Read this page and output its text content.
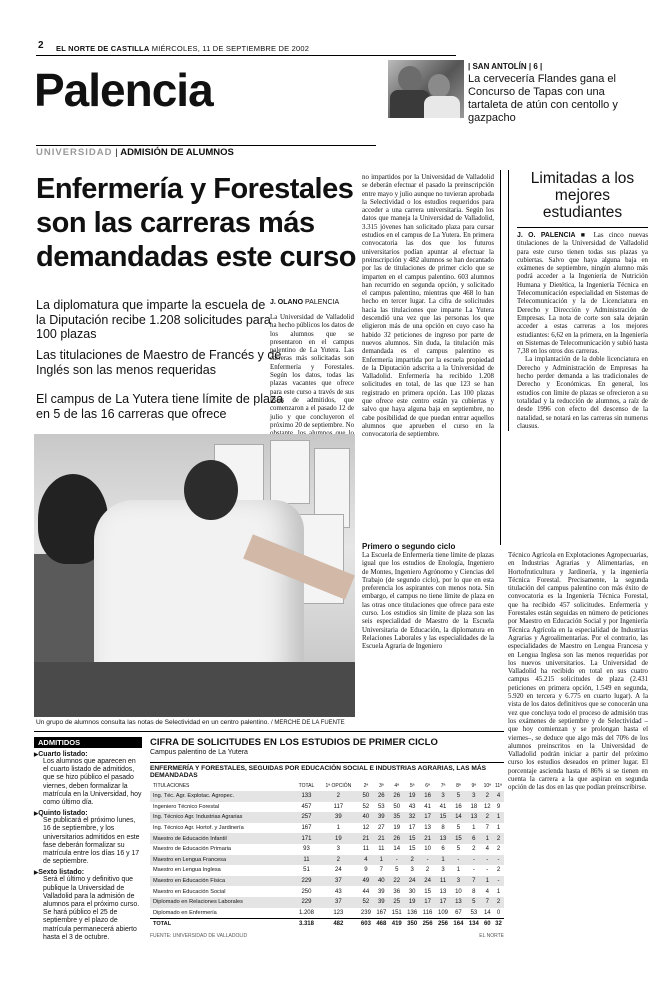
2 EL NORTE DE CASTILLA MIÉRCOLES, 11 DE SEPTIEMBRE DE 2002
Palencia	| SAN ANTOLÍN | 6 |
La cervecería Flandes gana el Concurso de Tapas con una tartaleta de atún con centollo y gazpacho
UNIVERSIDAD | ADMISIÓN DE ALUMNOS
Enfermería y Forestales son las carreras más demandadas este curso
La diplomatura que imparte la escuela de la Diputación recibe 1.208 solicitudes para 100 plazas
Las titulaciones de Maestro de Francés y de Inglés son las menos requeridas
El campus de La Yutera tiene límite de plaza en 5 de las 16 carreras que ofrece
J. OLANO PALENCIA
La Universidad de Valladolid ha hecho públicos los datos de los alumnos que se presentaron en el campus palentino de La Yutera. Las carreras más solicitadas son Enfermería y Forestales. Según los datos, todas las plazas vacantes que ofrece para este curso a través de sus listas de admitidos, que comenzaron a el pasado 12 de julio y que concluyeron el próximo 20 de septiembre. No
no impartidos por la Universidad de Valladolid se deberán efectuar el pasado la preinscripción entre mayo y julio aunque no tuvieran aprobada la Selectividad o los estudios requeridos para acceder a una carrera universitaria. Según los datos que maneja la Universidad de Valladolid, 3.315 jóvenes han solicitado plaza para cursar estudios en el campus de La Yutera. En primera convocatoria las dos que los futuros universitarios podían apuntar al efectuar la preinscripción y 482 alumnos se han decantado por las de titulaciones de primer ciclo que se imparten en el campus palentino. 603 alumnos han recurrido en segunda opción, y solicitado el campus palentino, mientras que 468 lo han hecho en tercer lugar. La cifra de solicitudes hacia las titulaciones que imparte La Yutera descendió una vez que las personas los que eligieron más de una opción en cuyo caso ha habido 32 peticiones de ingreso por parte de nuevos alumnos. Sin duda, la titulación más demandada es el campus palentino es Enfermería impartida por la escuela propiedad de la Diputación adscrita a la Universidad de Valladolid. Enfermería ha recibido 1.208 solicitudes en total, de las que 123 se han registrado en primera opción. Las 100 plazas que ofrece este centro están ya cubiertas y salvo que haya alguna baja en septiembre, no cabe posibilidad de que puedan entrar aquellos alumnos que aprueben el curso en la convocatoria de septiembre.
Limitadas a los mejores estudiantes

J. O. PALENCIA ■ Las cinco nuevas titulaciones de la Universidad de Valladolid para este curso tienen todas sus plazas ya cubiertas. Salvo que haya alguna baja en exámenes de septiembre, ningún alumno más podrá acceder a la Ingeniería de Nutrición Humana y Dietética, la Ingeniería Técnica en Telecomunicación especialidad en Sistemas de Telecomunicación y la de Licenciatura en Derecho y Dirección y Administración de Empresas. La nota de corte son sala dejarán acceder a estas carreras a los mejores estudiantes: 6,62 en la primera, en la Ingeniería en Sistemas de Telecomunicación y subió hasta 7,38 en los otros dos carreras.

La implantación de la doble licenciatura en Derecho y Administración de Empresas ha hecho perder demanda a las tradicionales de Derecho y Económicas. En general, los estudios con límite de plazas se ofrecieron a su totalidad y la reducción de alumnos, a raíz de desde 1996 con efecto del descenso de la natalidad, se notará en las carreras sin numerus clausus.

Un grupo de alumnos consulta las notas de Selectividad en un centro palentino. / MERCHE DE LA FUENTE
Primero o segundo ciclo
La Escuela de Enfermería tiene límite de plazas igual que los estudios de Enología, Ingeniero de Montes, Ingeniero Agrónomo y Ciencias del Trabajo (de segundo ciclo), por lo que en esta preferencia los aspirantes con menos nota. Sin embargo, el campus no tiene límite de plaza en las otras once titulaciones que ofrece para este curso. Los estudios sin límite de plaza son las seis especialidad de Maestro de la Escuela Universitaria de Educación, la diplomatura en Relaciones Laborales y las especialidades de la Escuela Agraria de Ingeniero
Técnico Agrícola en Explotaciones Agropecuarias, en Industrias Agrarias y Alimentarias, en Hortofruticultura y Jardinería, y la ingeniería Técnica Forestal. Precisamente, la segunda titulación del campus palentino con más éxito de convocatoria es la Ingeniería Técnica Forestal, que ha recibido 457 solicitudes. Enfermería y Forestales están seguidas en número de peticiones por Maestro en Educación Social y por Ingeniería Técnica Agrícola en la especialidad de Industrias Agrarias y Agroalimentarias. Por el contrario, las especialidades de Maestro en Lengua Francesa y en Lengua Inglesa son las menos requeridas por los nuevos universitarios. La Universidad de Valladolid ha recibido en total en sus cuatro campus 45.215 solicitudes de plaza (2.431 peticiones en primera opción, 1.549 en segunda, 5.920 en tercera y 6.775 en cuarto lugar). A la vista de los datos definitivos que se conocerán una vez que concluya todo el proceso de admisión tras los exámenes de septiembre y de Selectividad –que hoy comienzan y se prolongan hasta el viernes–, se deduce que algo más del 70% de los alumnos preinscritos en la Universidad de Valladolid podrán iniciar a partir del próximo curso los estudios deseados en primer lugar. El porcentaje ascienda hasta el 86% si se tienen en cuenta la carrera a la que aspiran en segunda opción de las dos en las que podían preinscribirse.
ADMITIDOS
▶ Cuarto listado:
Los alumnos que aparecen en el cuarto listado de admitidos, que se hizo público el pasado viernes, deben formalizar la matrícula en la Universidad, hoy como último día.
▶ Quinto listado:
Se publicará el próximo lunes, 16 de septiembre, y los universitarios admitidos en este fase deberán formalizar su matrícula entre los días 16 y 17 de septiembre.
▶ Sexto listado:
Será el último y definitivo que publique la Universidad de Valladolid para la admisión de alumnos para el próximo curso. Se hará público el 25 de septiembre y el plazo de matrícula permanecerá abierto hasta el 3 de octubre.
CIFRA DE SOLICITUDES EN LOS ESTUDIOS DE PRIMER CICLO
Campus palentino de La Yutera
ENFERMERÍA Y FORESTALES, SEGUIDAS POR EDUCACIÓN SOCIAL E INDUSTRIAS AGRARIAS, LAS MÁS DEMANDADAS
TITULACIONES	TOTAL	1ª OPCIÓN	2ª	3ª	4ª	5ª	6ª	7ª	8ª	9ª	10ª	11ª
Ing. Téc. Agr. Explotac. Agropec.	133	2	50	26	26	19	16	3	5	3	2	4
Ingeniero Técnico Forestal	457	117	52	53	50	43	41	41	16	18	12	9
Ing. Técnico Agr. Industrias Agrarias	257	39	40	39	35	32	17	15	14	13	2	1
Ing. Técnico Agr. Hortof. y Jardinería	167	1	12	27	19	17	13	8	5	1	7	1
Maestro de Educación Infantil	171	19	21	21	26	15	21	13	15	6	1	2
Maestro de Educación Primaria	93	3	11	11	14	15	10	6	5	2	4	2
Maestro en Lengua Francesa	11	2	4	1	-	2	-	1	-	-	-	-
Maestro en Lengua Inglesa	51	24	9	7	5	3	2	3	1	-	-	2
Maestro en Educación Física	229	37	49	40	22	24	24	11	3	7	1	-
Maestro en Educación Social	250	43	44	39	36	30	15	13	10	8	4	1
Diplomado en Relaciones Laborales	229	37	52	39	25	19	17	17	13	5	7	2
Diplomado en Enfermería	1.208	123	239	167	151	136	116	109	67	53	14	0
TOTAL	3.318	482	603	468	419	350	256	256	164	134	60	32
FUENTE: UNIVERSIDAD DE VALLADOLID	EL NORTE
